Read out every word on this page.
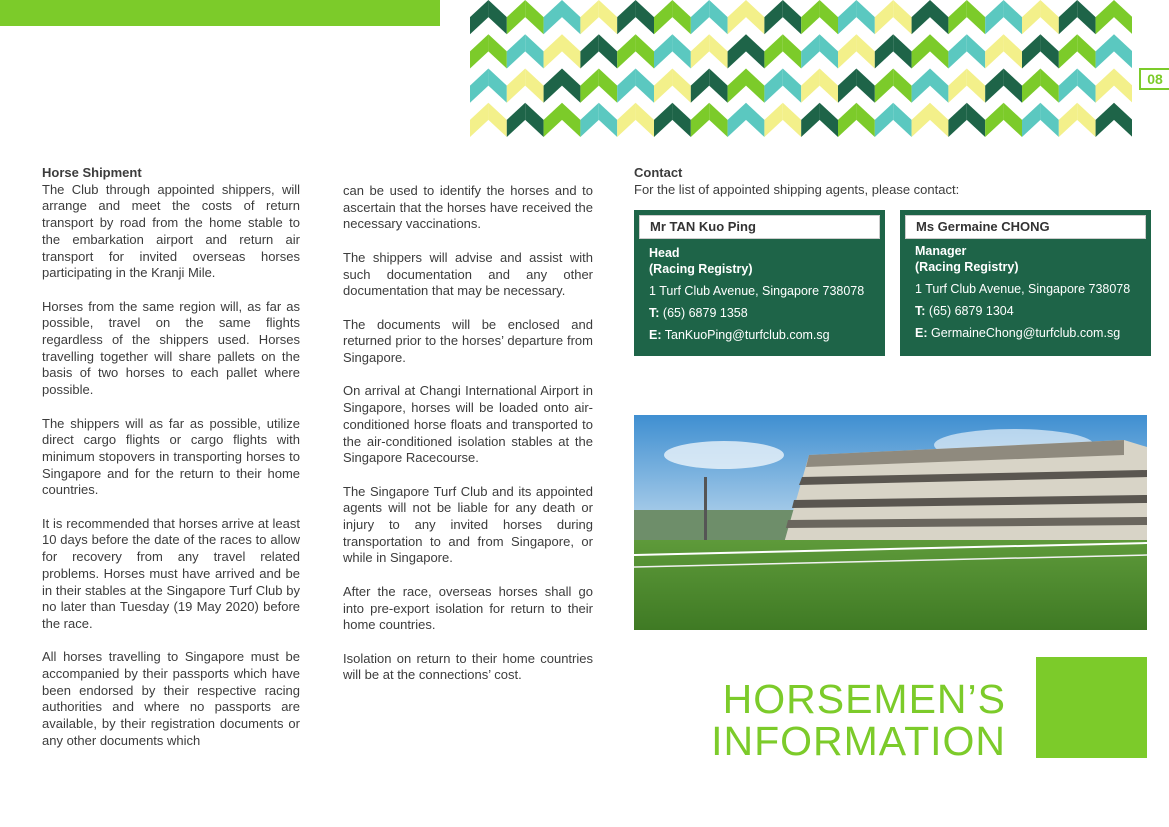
08

Horse Shipment

The Club through appointed shippers, will arrange and meet the costs of return transport by road from the home stable to the embarkation airport and return air transport for invited overseas horses participating in the Kranji Mile.

Horses from the same region will, as far as possible, travel on the same flights regardless of the shippers used. Horses travelling together will share pallets on the basis of two horses to each pallet where possible.

The shippers will as far as possible, utilize direct cargo flights or cargo flights with minimum stopovers in transporting horses to Singapore and for the return to their home countries.

It is recommended that horses arrive at least 10 days before the date of the races to allow for recovery from any travel related problems. Horses must have arrived and be in their stables at the Singapore Turf Club by no later than Tuesday (19 May 2020) before the race.

All horses travelling to Singapore must be accompanied by their passports which have been endorsed by their respective racing authorities and where no passports are available, by their registration documents or any other documents which

can be used to identify the horses and to ascertain that the horses have received the necessary vaccinations.

The shippers will advise and assist with such documentation and any other documentation that may be necessary.

The documents will be enclosed and returned prior to the horses’ departure from Singapore.

On arrival at Changi International Airport in Singapore, horses will be loaded onto air-conditioned horse floats and transported to the air-conditioned isolation stables at the Singapore Racecourse.

The Singapore Turf Club and its appointed agents will not be liable for any death or injury to any invited horses during transportation to and from Singapore, or while in Singapore.

After the race, overseas horses shall go into pre-export isolation for return to their home countries.

Isolation on return to their home countries will be at the connections’ cost.

Contact
For the list of appointed shipping agents, please contact:
Mr TAN Kuo Ping
Head
(Racing Registry)
1 Turf Club Avenue, Singapore 738078
T: (65) 6879 1358
E: TanKuoPing@turfclub.com.sg
Ms Germaine CHONG
Manager
(Racing Registry)
1 Turf Club Avenue, Singapore 738078
T: (65) 6879 1304
E: GermaineChong@turfclub.com.sg
HORSEMEN’S
INFORMATION
